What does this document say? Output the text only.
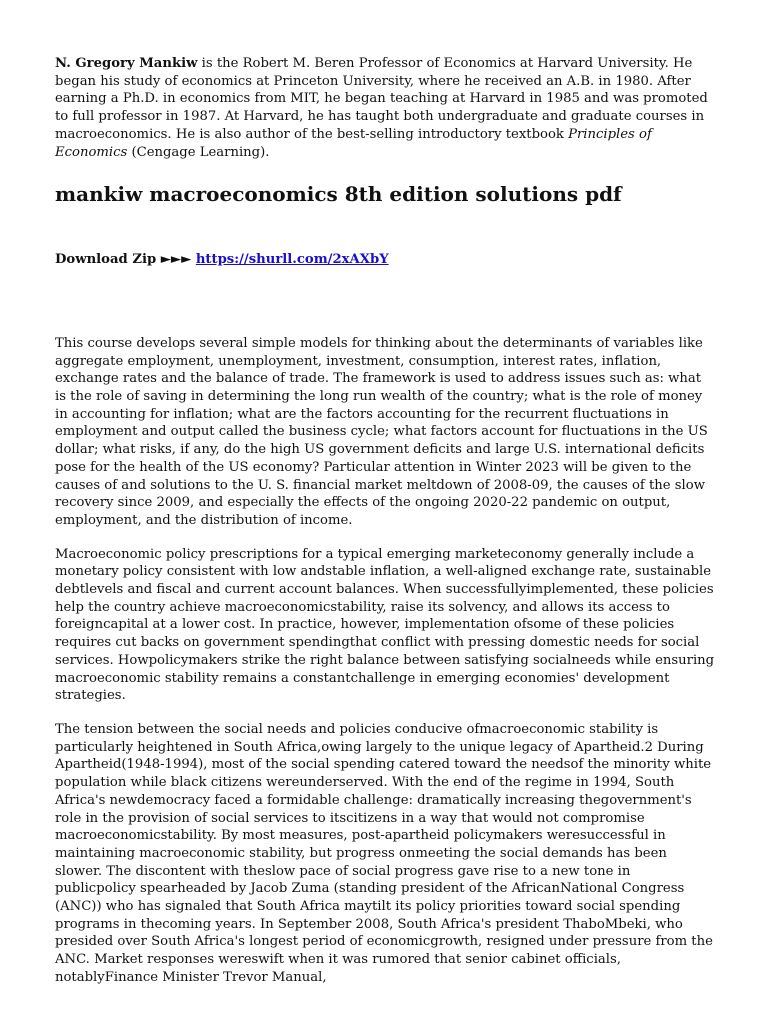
N. Gregory Mankiw is the Robert M. Beren Professor of Economics at Harvard University. He began his study of economics at Princeton University, where he received an A.B. in 1980. After earning a Ph.D. in economics from MIT, he began teaching at Harvard in 1985 and was promoted to full professor in 1987. At Harvard, he has taught both undergraduate and graduate courses in macroeconomics. He is also author of the best-selling introductory textbook Principles of Economics (Cengage Learning).

mankiw macroeconomics 8th edition solutions pdf
Download Zip ►►► https://shurll.com/2xAXbY

This course develops several simple models for thinking about the determinants of variables like aggregate employment, unemployment, investment, consumption, interest rates, inflation, exchange rates and the balance of trade. The framework is used to address issues such as: what is the role of saving in determining the long run wealth of the country; what is the role of money in accounting for inflation; what are the factors accounting for the recurrent fluctuations in employment and output called the business cycle; what factors account for fluctuations in the US dollar; what risks, if any, do the high US government deficits and large U.S. international deficits pose for the health of the US economy? Particular attention in Winter 2023 will be given to the causes of and solutions to the U. S. financial market meltdown of 2008-09, the causes of the slow recovery since 2009, and especially the effects of the ongoing 2020-22 pandemic on output, employment, and the distribution of income.

Macroeconomic policy prescriptions for a typical emerging marketeconomy generally include a monetary policy consistent with low andstable inflation, a well-aligned exchange rate, sustainable debtlevels and fiscal and current account balances. When successfullyimplemented, these policies help the country achieve macroeconomicstability, raise its solvency, and allows its access to foreigncapital at a lower cost. In practice, however, implementation ofsome of these policies requires cut backs on government spendingthat conflict with pressing domestic needs for social services. Howpolicymakers strike the right balance between satisfying socialneeds while ensuring macroeconomic stability remains a constantchallenge in emerging economies' development strategies.

The tension between the social needs and policies conducive ofmacroeconomic stability is particularly heightened in South Africa,owing largely to the unique legacy of Apartheid.2 During Apartheid(1948-1994), most of the social spending catered toward the needsof the minority white population while black citizens wereunderserved. With the end of the regime in 1994, South Africa's newdemocracy faced a formidable challenge: dramatically increasing thegovernment's role in the provision of social services to itscitizens in a way that would not compromise macroeconomicstability. By most measures, post-apartheid policymakers weresuccessful in maintaining macroeconomic stability, but progress onmeeting the social demands has been slower. The discontent with theslow pace of social progress gave rise to a new tone in publicpolicy spearheaded by Jacob Zuma (standing president of the AfricanNational Congress (ANC)) who has signaled that South Africa maytilt its policy priorities toward social spending programs in thecoming years. In September 2008, South Africa's president ThaboMbeki, who presided over South Africa's longest period of economicgrowth, resigned under pressure from the ANC. Market responses wereswift when it was rumored that senior cabinet officials, notablyFinance Minister Trevor Manual,
